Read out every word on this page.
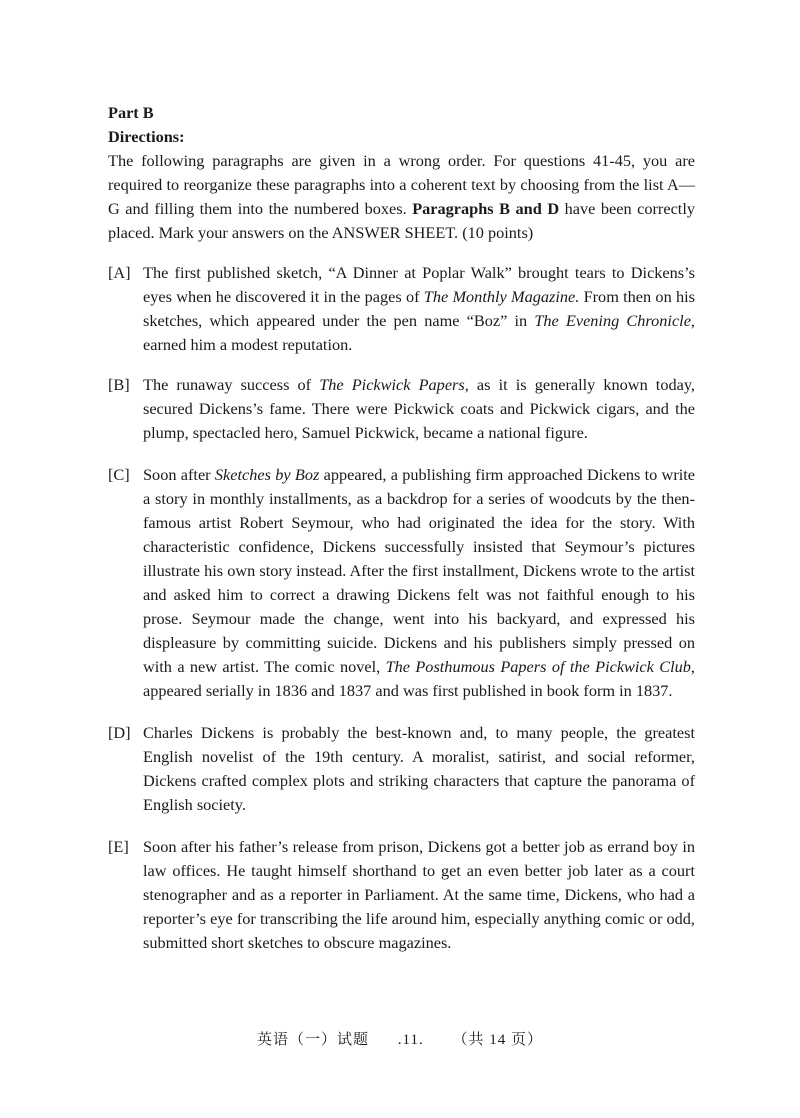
Part B
Directions:
The following paragraphs are given in a wrong order. For questions 41-45, you are required to reorganize these paragraphs into a coherent text by choosing from the list A—G and filling them into the numbered boxes. Paragraphs B and D have been correctly placed. Mark your answers on the ANSWER SHEET. (10 points)
[A] The first published sketch, “A Dinner at Poplar Walk” brought tears to Dickens’s eyes when he discovered it in the pages of The Monthly Magazine. From then on his sketches, which appeared under the pen name “Boz” in The Evening Chronicle, earned him a modest reputation.
[B] The runaway success of The Pickwick Papers, as it is generally known today, secured Dickens’s fame. There were Pickwick coats and Pickwick cigars, and the plump, spectacled hero, Samuel Pickwick, became a national figure.
[C] Soon after Sketches by Boz appeared, a publishing firm approached Dickens to write a story in monthly installments, as a backdrop for a series of woodcuts by the then-famous artist Robert Seymour, who had originated the idea for the story. With characteristic confidence, Dickens successfully insisted that Seymour’s pictures illustrate his own story instead. After the first installment, Dickens wrote to the artist and asked him to correct a drawing Dickens felt was not faithful enough to his prose. Seymour made the change, went into his backyard, and expressed his displeasure by committing suicide. Dickens and his publishers simply pressed on with a new artist. The comic novel, The Posthumous Papers of the Pickwick Club, appeared serially in 1836 and 1837 and was first published in book form in 1837.
[D] Charles Dickens is probably the best-known and, to many people, the greatest English novelist of the 19th century. A moralist, satirist, and social reformer, Dickens crafted complex plots and striking characters that capture the panorama of English society.
[E] Soon after his father’s release from prison, Dickens got a better job as errand boy in law offices. He taught himself shorthand to get an even better job later as a court stenographer and as a reporter in Parliament. At the same time, Dickens, who had a reporter’s eye for transcribing the life around him, especially anything comic or odd, submitted short sketches to obscure magazines.
英语（一）试题 .11. （共 14 页）
